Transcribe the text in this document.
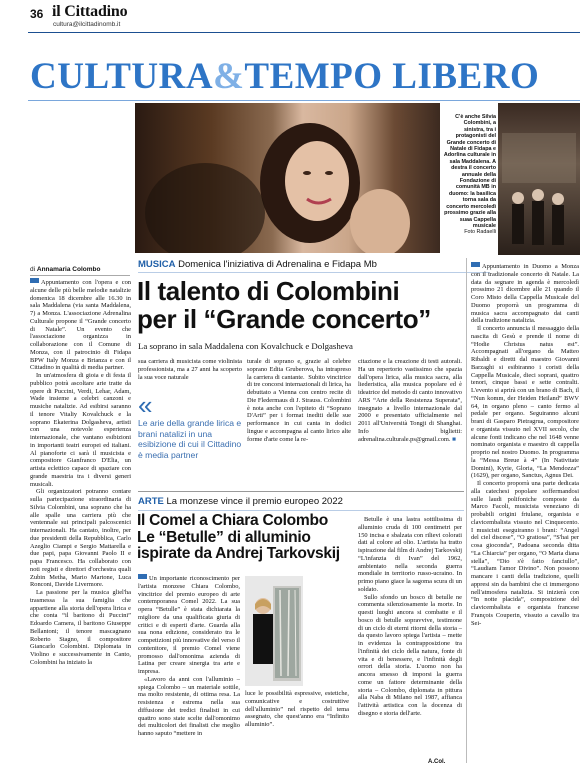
36 il Cittadino
cultura@ilcittadinomb.it
CULTURA&TEMPO LIBERO
C'è anche Silvia Colombini, a sinistra, tra i protagonisti del Grande concerto di Natale di Fidapa e Adorlina culturale in sala Maddalena. A destra il concerto annuale della Fondazione di comunità MB in duomo: la basilica torna sala da concerto mercoledì prossimo grazie alla suaa Cappella musicale
Foto Radaelli
di Annamaria Colombo	MUSICA Domenica l'iniziativa di Adrenalina e Fidapa Mb
Il talento di Colombini
per il “Grande concerto”
La soprano in sala Maddalena con Kovalchuck e Dolgasheva

Appuntamento con l'opera e con alcune delle più belle melodie natalizie domenica 18 dicembre alle 16.30 in sala Maddalena (via santa Maddalena, 7) a Monza. L'associazione Adrenalina Culturale propone il “Grande concerto di Natale”. Un evento che l'associazione organizza in collaborazione con il Comune di Monza, con il patrocinio di Fidapa BPW Italy Monza e Brianza e con il Cittadino in qualità di media partner.

In un'atmosfera di gioia e di festa il pubblico potrà ascoltare arie tratte da opere di Puccini, Verdi, Lehar, Adam, Wade insieme a celebri canzoni e musiche natalizie. Ad esibirsi saranno il tenore Vitaliy Kovalchuck e la soprano Ekaterina Dolgasheva, artisti con una notevole esperienza internazionale, che vantano esibizioni in importanti teatri europei ed italiani. Al pianoforte ci sarà il musicista e compositore Gianfranco D'Elia, un artista eclettico capace di spaziare con grande maestria tra i diversi generi musicali.

Gli organizzatori potranno contare sulla partecipazione straordinaria di Silvia Colombini, una soprano che ha alle spalle una carriera più che ventennale sui principali palcoscenici internazionali. Ha cantato, inoltre, per due presidenti della Repubblica, Carlo Azeglio Ciampi e Sergio Mattarella e due papi, papa Giovanni Paolo II e papa Francesco. Ha collaborato con noti registi e direttori d'orchestra quali Zubin Metha, Mario Martone, Luca Ronconi, Davide Livermore.

La passione per la musica gliel'ha trasmessa la sua famiglia che appartiene alla storia dell'opera lirica e che conta “il baritono di Puccini” Edoardo Camera, il baritono Giuseppe Bellantoni; il tenore mascagnano Roberto Stagno, il compositore Giancarlo Colombini. Diplomata in Violino e successivamente in Canto, Colombini ha iniziato la

sua carriera di musicista come violinista professionista, ma a 27 anni ha scoperto la sua voce naturale
«
Le arie della grande lirica e brani natalizi in una esibizione di cui il Cittadino è media partner
turale di soprano e, grazie al celebre soprano Edita Gruberova, ha intrapreso la carriera di cantante.  Subito vincitrice di tre concorsi internazionali di lirica, ha debuttato a Vienna con centro recite di Die Fledermaus di J. Strauss. Colombini è nota anche con l'epiteto di “Soprano D'Arti” per i format inediti delle sue performance in cui canta in dodici lingue e accompagna al canto lirico alte forme d'arte come la re-
citazione e la creazione di testi autorali. Ha un repertorio vastissimo che spazia dall'opera lirica, alla musica sacra, alla liederistica, alla musica popolare ed è ideatrice del metodo di canto innovativo ARS “Arte della Resistenza Superata”, insegnato a livello internazionale dal 2000 e presentato ufficialmente nel 2011 all'Università Tongji di Shanghai. Info biglietti: adrenalina.culturale.ps@gmail.com. ■
ARTE La monzese vince il premio europeo 2022
Il Comel a Chiara Colombo
Le “Betulle” di alluminio
ispirate da Andrej Tarkovskij

Un importante riconoscimento per l'artista monzese Chiara Colombo, vincitrice del premio europeo di arte contemporanea Comel 2022. La sua opera “Betulle” è stata dichiarata la migliore da una qualificata giuria di critici e di esperti d'arte. Guarda alla sua nona edizione, considerato tra le competizioni più innovative del verso il contenitore, il premio Comel viene promosso dall'omonima azienda di Latina per creare sinergia tra arte e impresa.

«Lavoro da anni con l'alluminio – spiega Colombo – un materiale sottile, ma molto resistente, di ottima resa. La resistenza e estrema nella sua diffusione dei tredici finalisti in cui quattro sono state scelte dall'omonimo dei multicolori dei finalisti che meglio hanno saputo “mettere in

luce le possibilità espressive, estetiche, comunicative e costruttive dell'alluminio” nel rispetto del tema assegnato, che quest'anno era “Infinito alluminio”.

Betulle è una lastra sottilissima di alluminio cruda di 100 centimetri per 150 incisa e sbalzata con rilievi colorati dati al colore ad olio. L'artista ha tratto ispirazione dal film di Andrej Tarkovskij “L'infanzia di Ivan” del 1962, ambientato nella seconda guerra mondiale in territorio russo-ucraino. In primo piano giace la sagoma scura di un soldato.

Sullo sfondo un bosco di betulle ne commenta silenziosamente la morte. In questi luoghi ancora si combatte e il bosco di betulle sopravvive, testimone di un ciclo di eterni ritorni della storia – da questo lavoro spiega l'artista – mette in evidenza la contrapposizione tra l'infinità dei ciclo della natura, fonte di vita e di benessere, e l'infinità degli orrori della storia. L'uomo non ha ancora smesso di imporsi la guerra come un fattore determinante della storia – Colombo, diplomata in pittura alla Naba di Milano nel 1987, affianca l'attività artistica con la docenza di disegno e storia dell'arte.

A.Col.

Appuntamento in Duomo a Monza con il tradizionale concerto di Natale. La data da segnare in agenda è mercoledì prossimo 21 dicembre alle 21 quando il Coro Misto della Cappella Musicale del Duomo proporrà un programma di musica sacra accompagnato dai canti della tradizione natalizia.

Il concerto annuncia il messaggio della nascita di Gesù e prende il nome di “Hodie Christus natus est”. Accompagnati all'organo da Matteo Ribaldi e diretti dal maestro Giovanni Barzaghi si esibiranno i coristi della Cappella Musicale, dieci soprani, quattro tenori, cinque bassi e sette contralti. L'evento si aprirà con un brano di Bach, il “Nun komm, der Heiden Heiland” BWV 64, in organo pleno – canto fermo al pedale per organo. Seguiranno alcuni brani di Gasparo Pietragrua, compositore e organista vissuto nel XVII secolo, che alcune fonti indicano che nel 1648 venne nominato organista e maestro di cappella proprio nel nostro Duomo. In programma la “Messa Breue à 4” (In Nativitate Domini), Kyrie, Gloria, “La Mendozza” (1629), per organo, Sanctus, Agnus Dei.

Il concerto proporrà una parte dedicata alla catechesi popolare soffermandosi sulle laudi polifoniche composte da Marco Facoli, musicista veneziano di probabili origini friulane, organista e clavicembalista vissuto nel Cinquecento. I musicisti eseguiranno i brani: “Angel del ciel discese”, “O gratiosa”, “S'hai per cosa gioconda”, Padoana seconda ditta “La Chiarcia” per organo, “O Maria diana stella”, “Dio s'è fatto fanciullo”, “Laudiam l'amor Divino”. Non possono mancare i canti della tradizione, quelli appresi sin da bambini che ci immergono nell'atmosfera natalizia. Si inizierà con “In notte placida”, composizione del clavicembalista e organista francese François Couperin, vissuto a cavallo tra Sei-
